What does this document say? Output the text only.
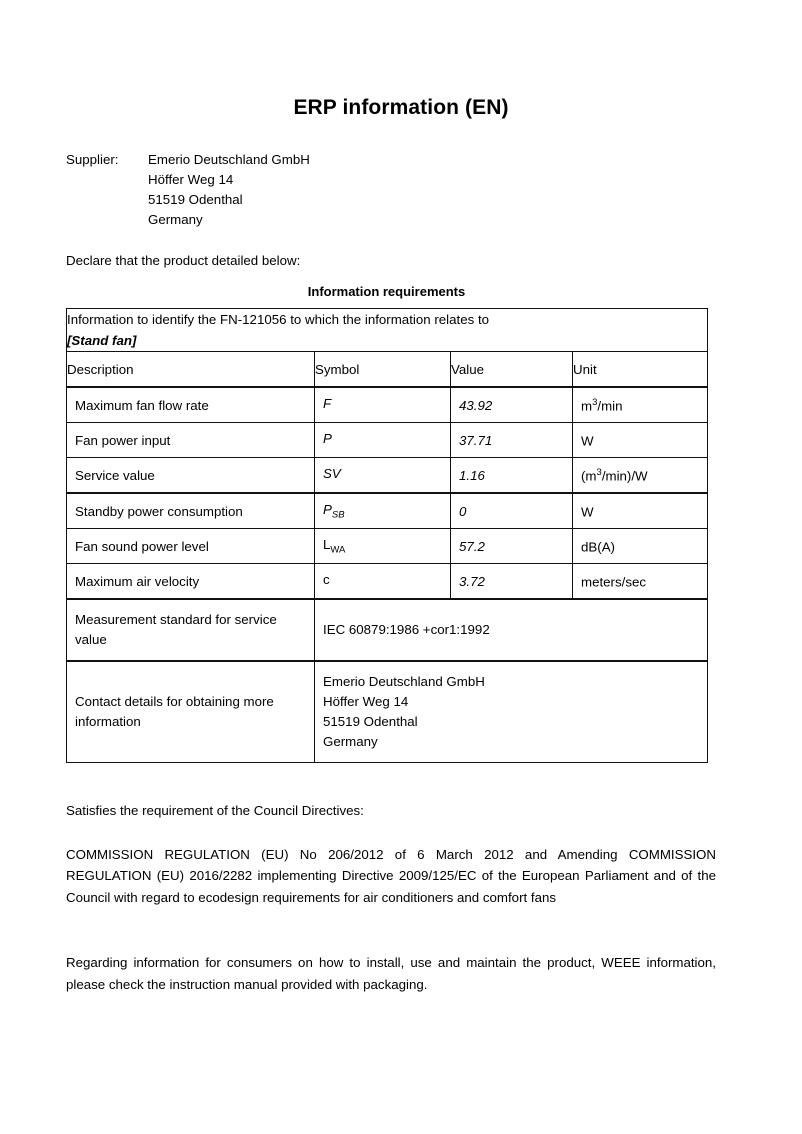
ERP information (EN)
Supplier:	Emerio Deutschland GmbH
Höffer Weg 14
51519 Odenthal
Germany
Declare that the product detailed below:
Information requirements
Information to identify the FN-121056 to which the information relates to
[Stand fan]			

Description	Symbol	Value	Unit
Maximum fan flow rate	F	43.92	$m^3/\min$
Fan power input	P	37.71	W
Service value	SV	1.16	$(m^3/\min)/W$
Standby power consumption	$P_{SB}$	0	W
Fan sound power level	$L_{WA}$	57.2	dB(A)
Maximum air velocity	c	3.72	meters/sec
Measurement standard for service value	IEC 60879:1986 +cor1:1992		
Contact details for obtaining more information	Emerio Deutschland GmbH
Höffer Weg 14
51519 Odenthal
Germany		

Satisfies the requirement of the Council Directives:

COMMISSION REGULATION (EU) No 206/2012 of 6 March 2012 and Amending COMMISSION REGULATION (EU) 2016/2282 implementing Directive 2009/125/EC of the European Parliament and of the Council with regard to ecodesign requirements for air conditioners and comfort fans

Regarding information for consumers on how to install, use and maintain the product, WEEE information, please check the instruction manual provided with packaging.
